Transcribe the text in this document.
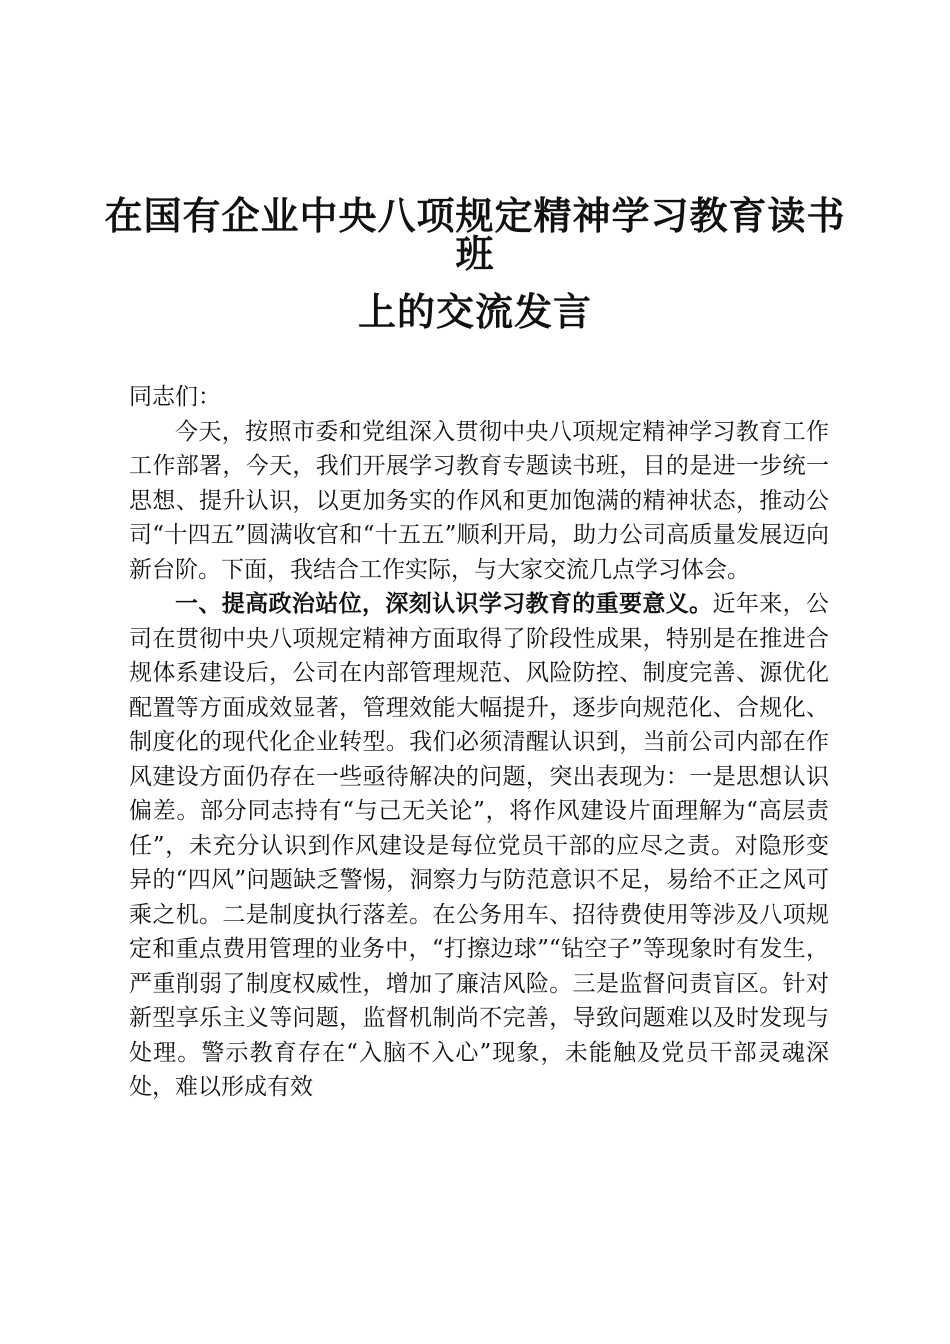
在国有企业中央八项规定精神学习教育读书班
上的交流发言

同志们：

今天，按照市委和党组深入贯彻中央八项规定精神学习教育工作工作部署，今天，我们开展学习教育专题读书班，目的是进一步统一思想、提升认识，以更加务实的作风和更加饱满的精神状态，推动公司“十四五”圆满收官和“十五五”顺利开局，助力公司高质量发展迈向新台阶。下面，我结合工作实际，与大家交流几点学习体会。

一、提高政治站位，深刻认识学习教育的重要意义。近年来，公司在贯彻中央八项规定精神方面取得了阶段性成果，特别是在推进合规体系建设后，公司在内部管理规范、风险防控、制度完善、源优化配置等方面成效显著，管理效能大幅提升，逐步向规范化、合规化、制度化的现代化企业转型。我们必须清醒认识到，当前公司内部在作风建设方面仍存在一些亟待解决的问题，突出表现为：一是思想认识偏差。部分同志持有“与己无关论”，将作风建设片面理解为“高层责任”，未充分认识到作风建设是每位党员干部的应尽之责。对隐形变异的“四风”问题缺乏警惕，洞察力与防范意识不足，易给不正之风可乘之机。二是制度执行落差。在公务用车、招待费使用等涉及八项规定和重点费用管理的业务中，“打擦边球”“钻空子”等现象时有发生，严重削弱了制度权威性，增加了廉洁风险。三是监督问责盲区。针对新型享乐主义等问题，监督机制尚不完善，导致问题难以及时发现与处理。警示教育存在“入脑不入心”现象，未能触及党员干部灵魂深处，难以形成有效
